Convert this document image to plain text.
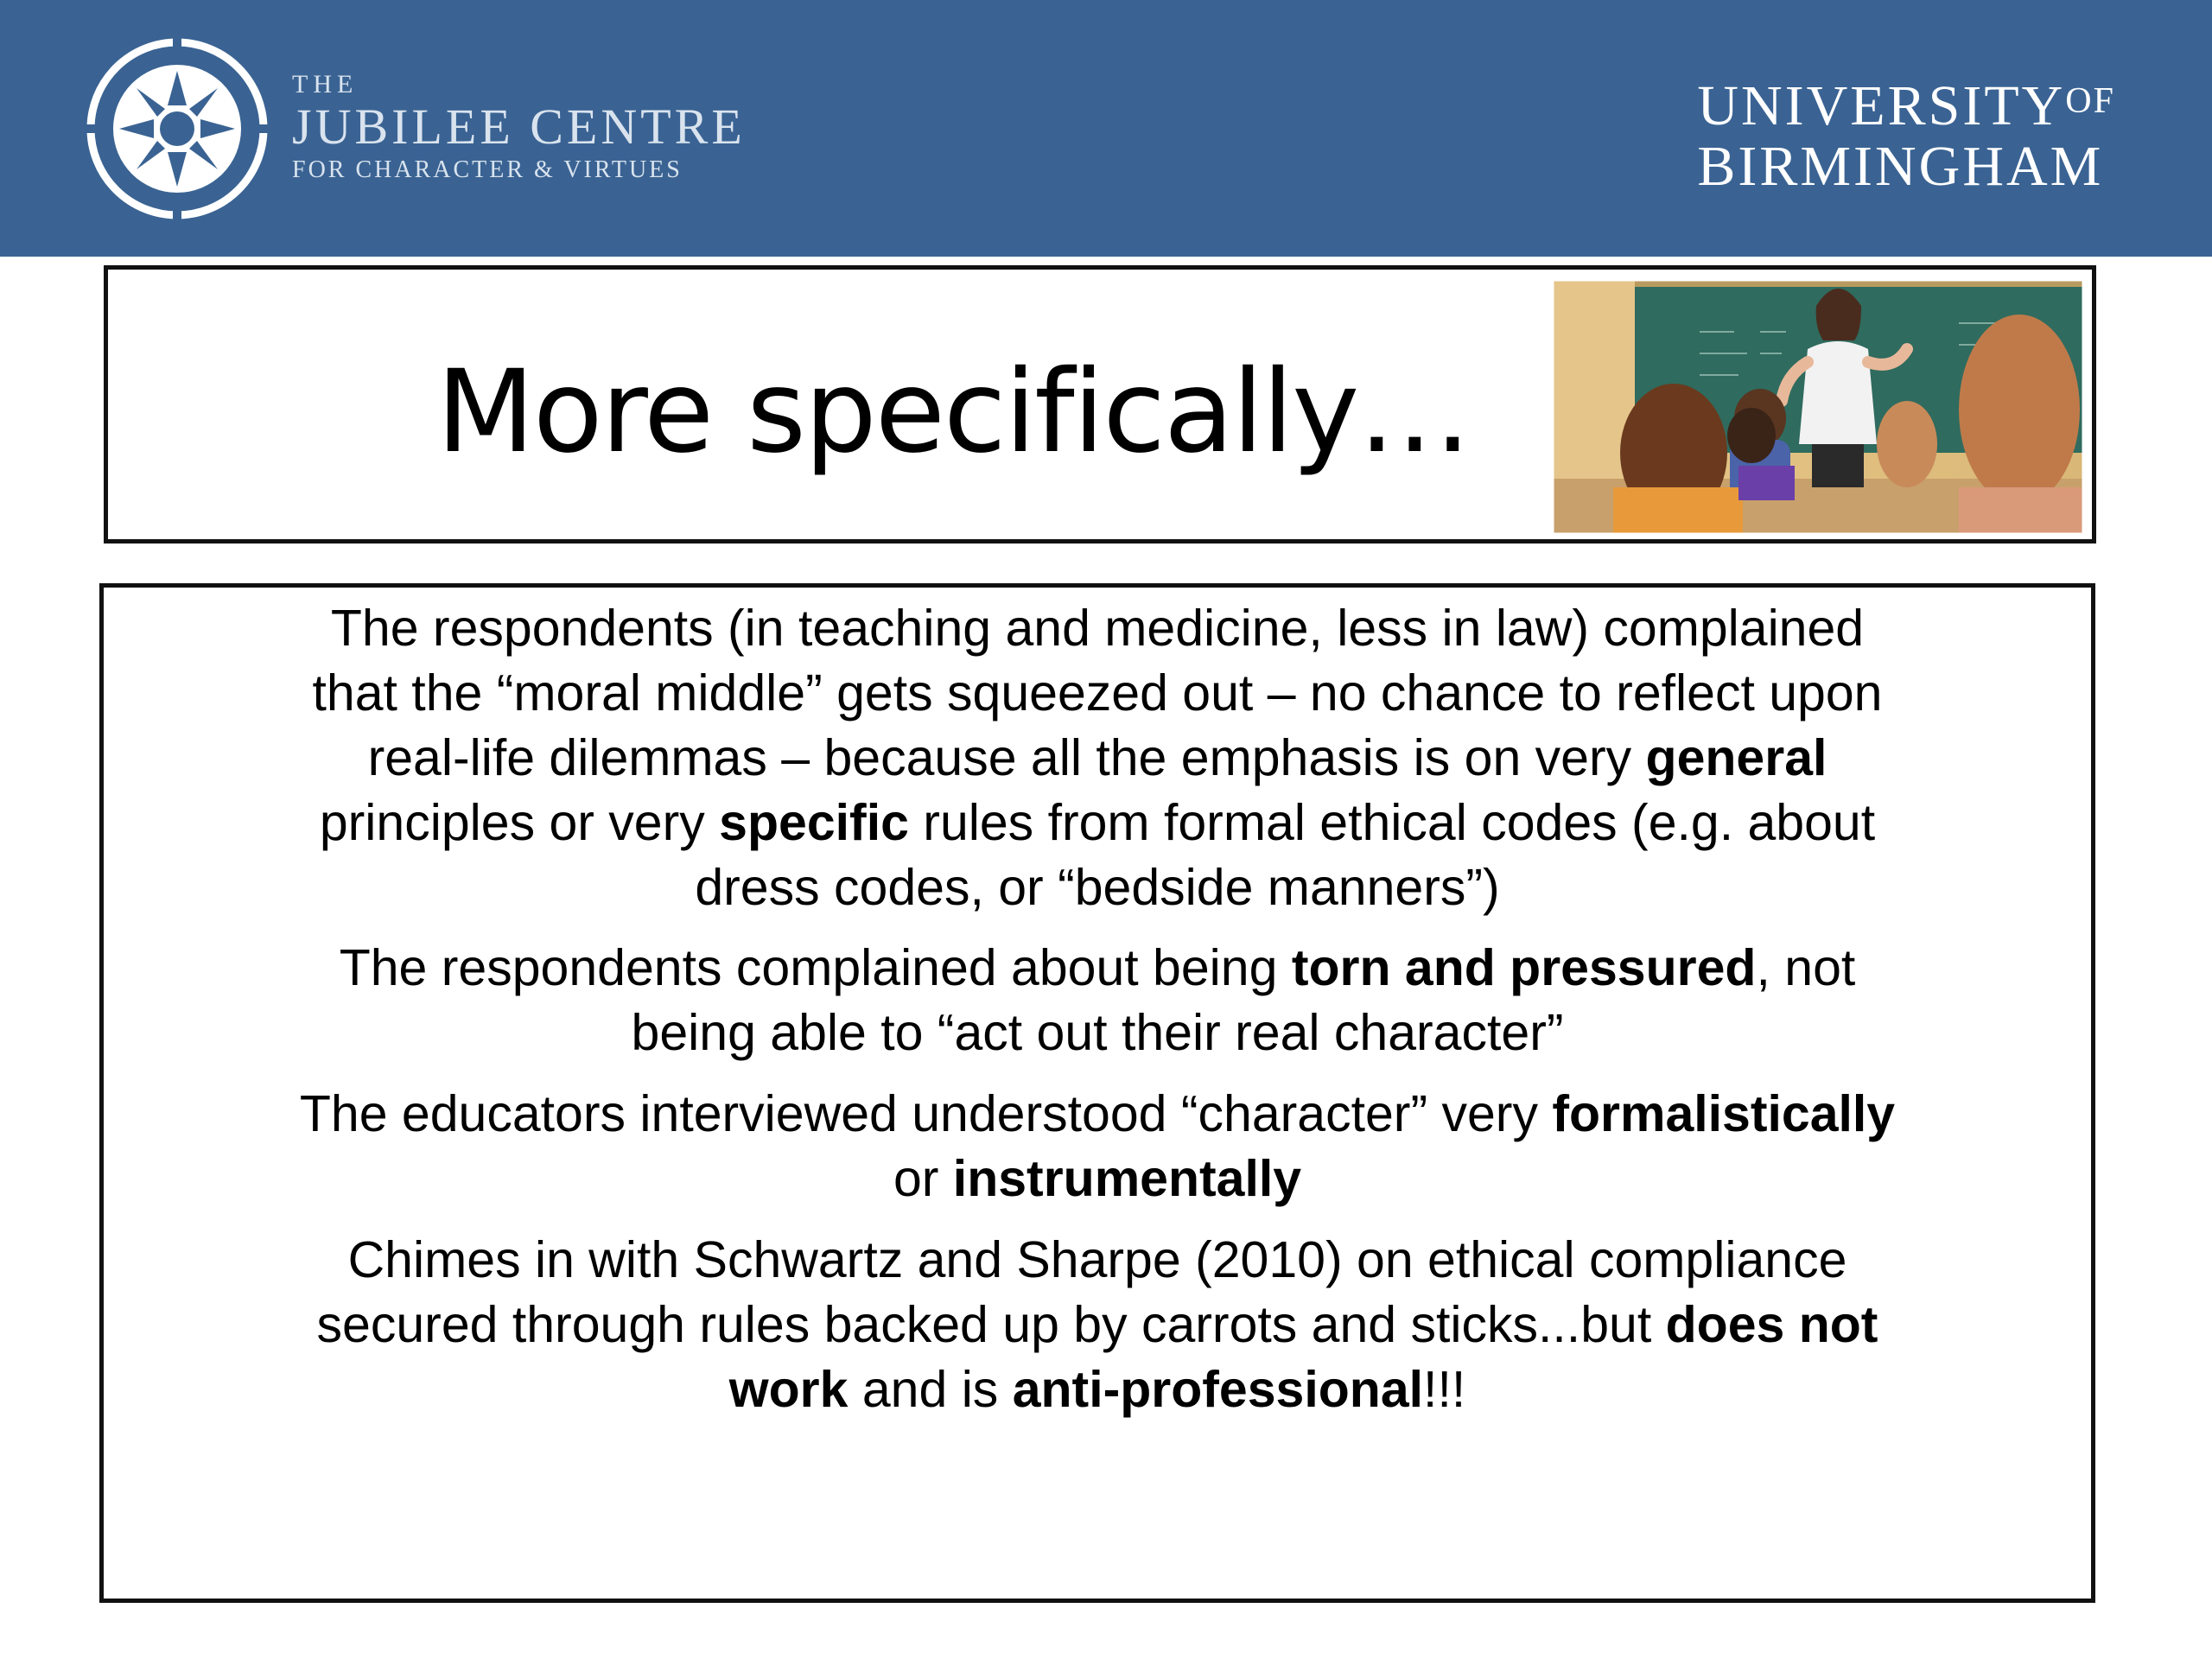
THE
JUBILEE CENTRE
FOR CHARACTER & VIRTUES
$UNIVERSITY^{OF}$
BIRMINGHAM
More specifically…

The respondents (in teaching and medicine, less in law) complained
that the “moral middle” gets squeezed out – no chance to reflect upon
real-life dilemmas – because all the emphasis is on very general
principles or very specific rules from formal ethical codes (e.g. about
dress codes, or “bedside manners”)

The respondents complained about being torn and pressured, not
being able to “act out their real character”

The educators interviewed understood “character” very formalistically
or instrumentally

Chimes in with Schwartz and Sharpe (2010) on ethical compliance
secured through rules backed up by carrots and sticks...but does not
work and is anti-professional!!!
